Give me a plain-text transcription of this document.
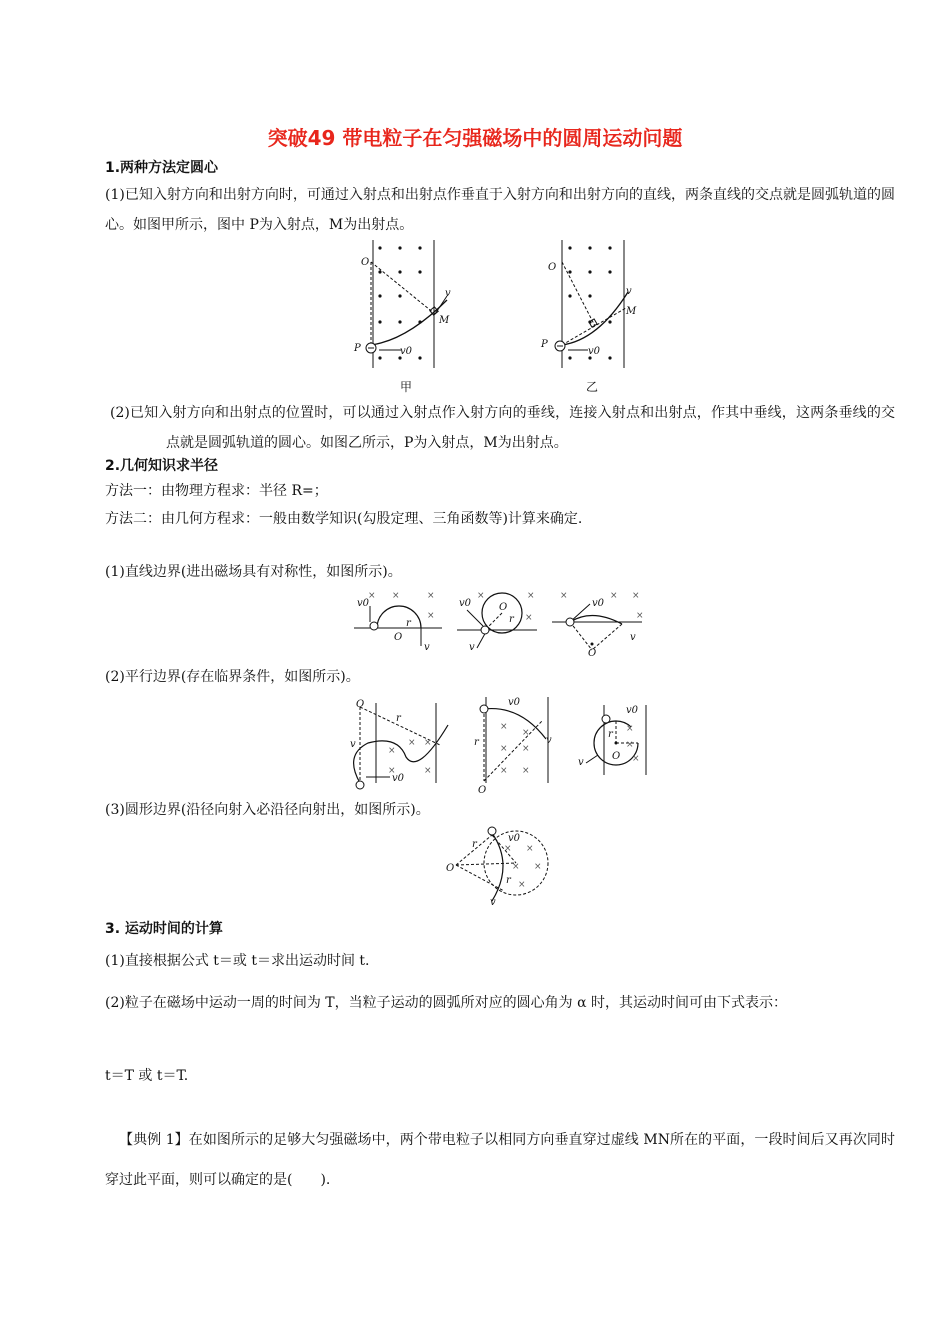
突破49 带电粒子在匀强磁场中的圆周运动问题
1.两种方法定圆心
(1)已知入射方向和出射方向时，可通过入射点和出射点作垂直于入射方向和出射方向的直线，两条直线的交点就是圆弧轨道的圆心。如图甲所示，图中 P为入射点，M为出射点。
O
P
M
v
v0
甲
O
P
M
v
v0
乙
(2)已知入射方向和出射点的位置时，可以通过入射点作入射方向的垂线，连接入射点和出射点，作其中垂线，这两条垂线的交点就是圆弧轨道的圆心。如图乙所示，P为入射点，M为出射点。
2.几何知识求半径
方法一：由物理方程求：半径 R=；
方法二：由几何方程求：一般由数学知识(勾股定理、三角函数等)计算来确定.
(1)直线边界(进出磁场具有对称性，如图所示)。
× ×	×
×
v0
O
r
v
×	×
×
v0	O
r
v
×	× ×
×
v0
O
v
(2)平行边界(存在临界条件，如图所示)。
×
× ×
×	×
O
r
v
v0
×
×
× ×
× ×
v0
r
O
v
×
×
×
v0
r
O
v
(3)圆形边界(沿径向射入必沿径向射出，如图所示)。
× ×
× ×
×
O
r
r
v0
v
3. 运动时间的计算
(1)直接根据公式 t＝或 t＝求出运动时间 t.
(2)粒子在磁场中运动一周的时间为 T，当粒子运动的圆弧所对应的圆心角为 α 时，其运动时间可由下式表示：
t＝T 或 t＝T.
【典例 1】在如图所示的足够大匀强磁场中，两个带电粒子以相同方向垂直穿过虚线 MN所在的平面，一段时间后又再次同时穿过此平面，则可以确定的是(　　).
